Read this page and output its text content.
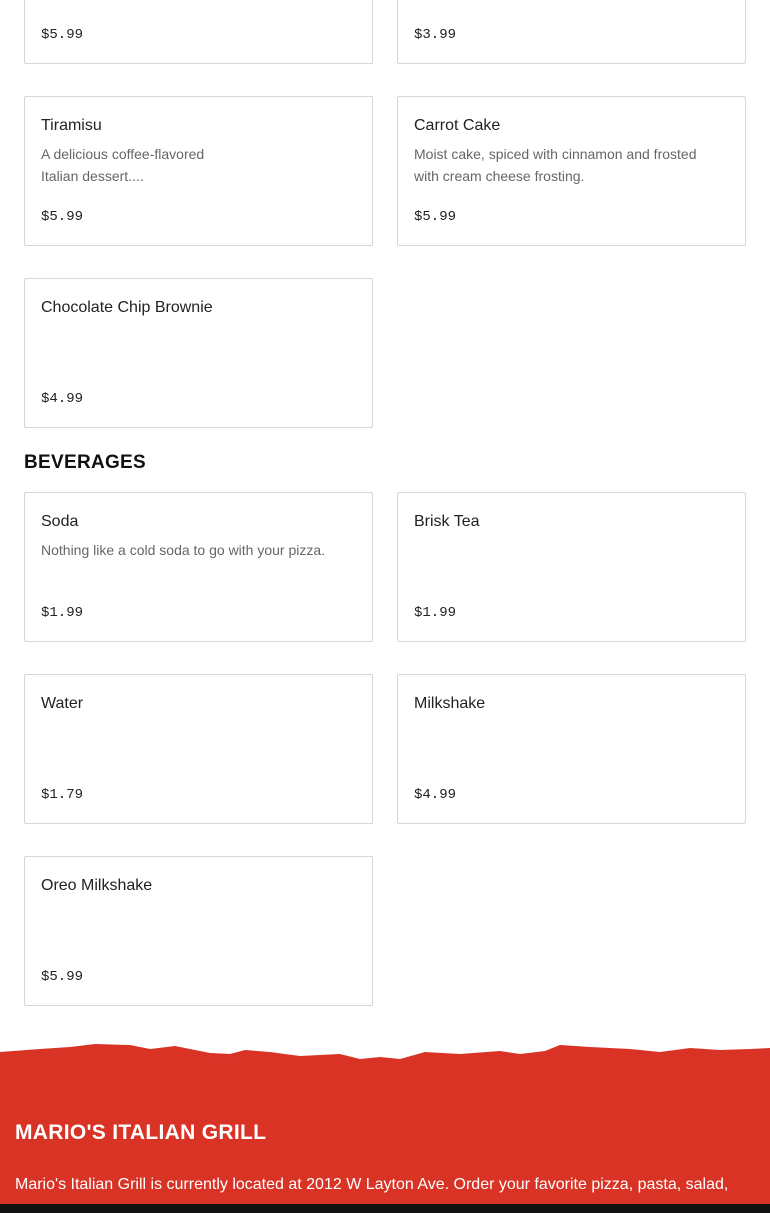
$5.99	$3.99
Tiramisu
A delicious coffee-flavored Italian dessert....
$5.99
Carrot Cake
Moist cake, spiced with cinnamon and frosted with cream cheese frosting.
$5.99
Chocolate Chip Brownie
$4.99
BEVERAGES
Soda
Nothing like a cold soda to go with your pizza.
$1.99
Brisk Tea
$1.99
Water
$1.79
Milkshake
$4.99
Oreo Milkshake
$5.99
MARIO'S ITALIAN GRILL

Mario's Italian Grill is currently located at 2012 W Layton Ave. Order your favorite pizza, pasta, salad,
